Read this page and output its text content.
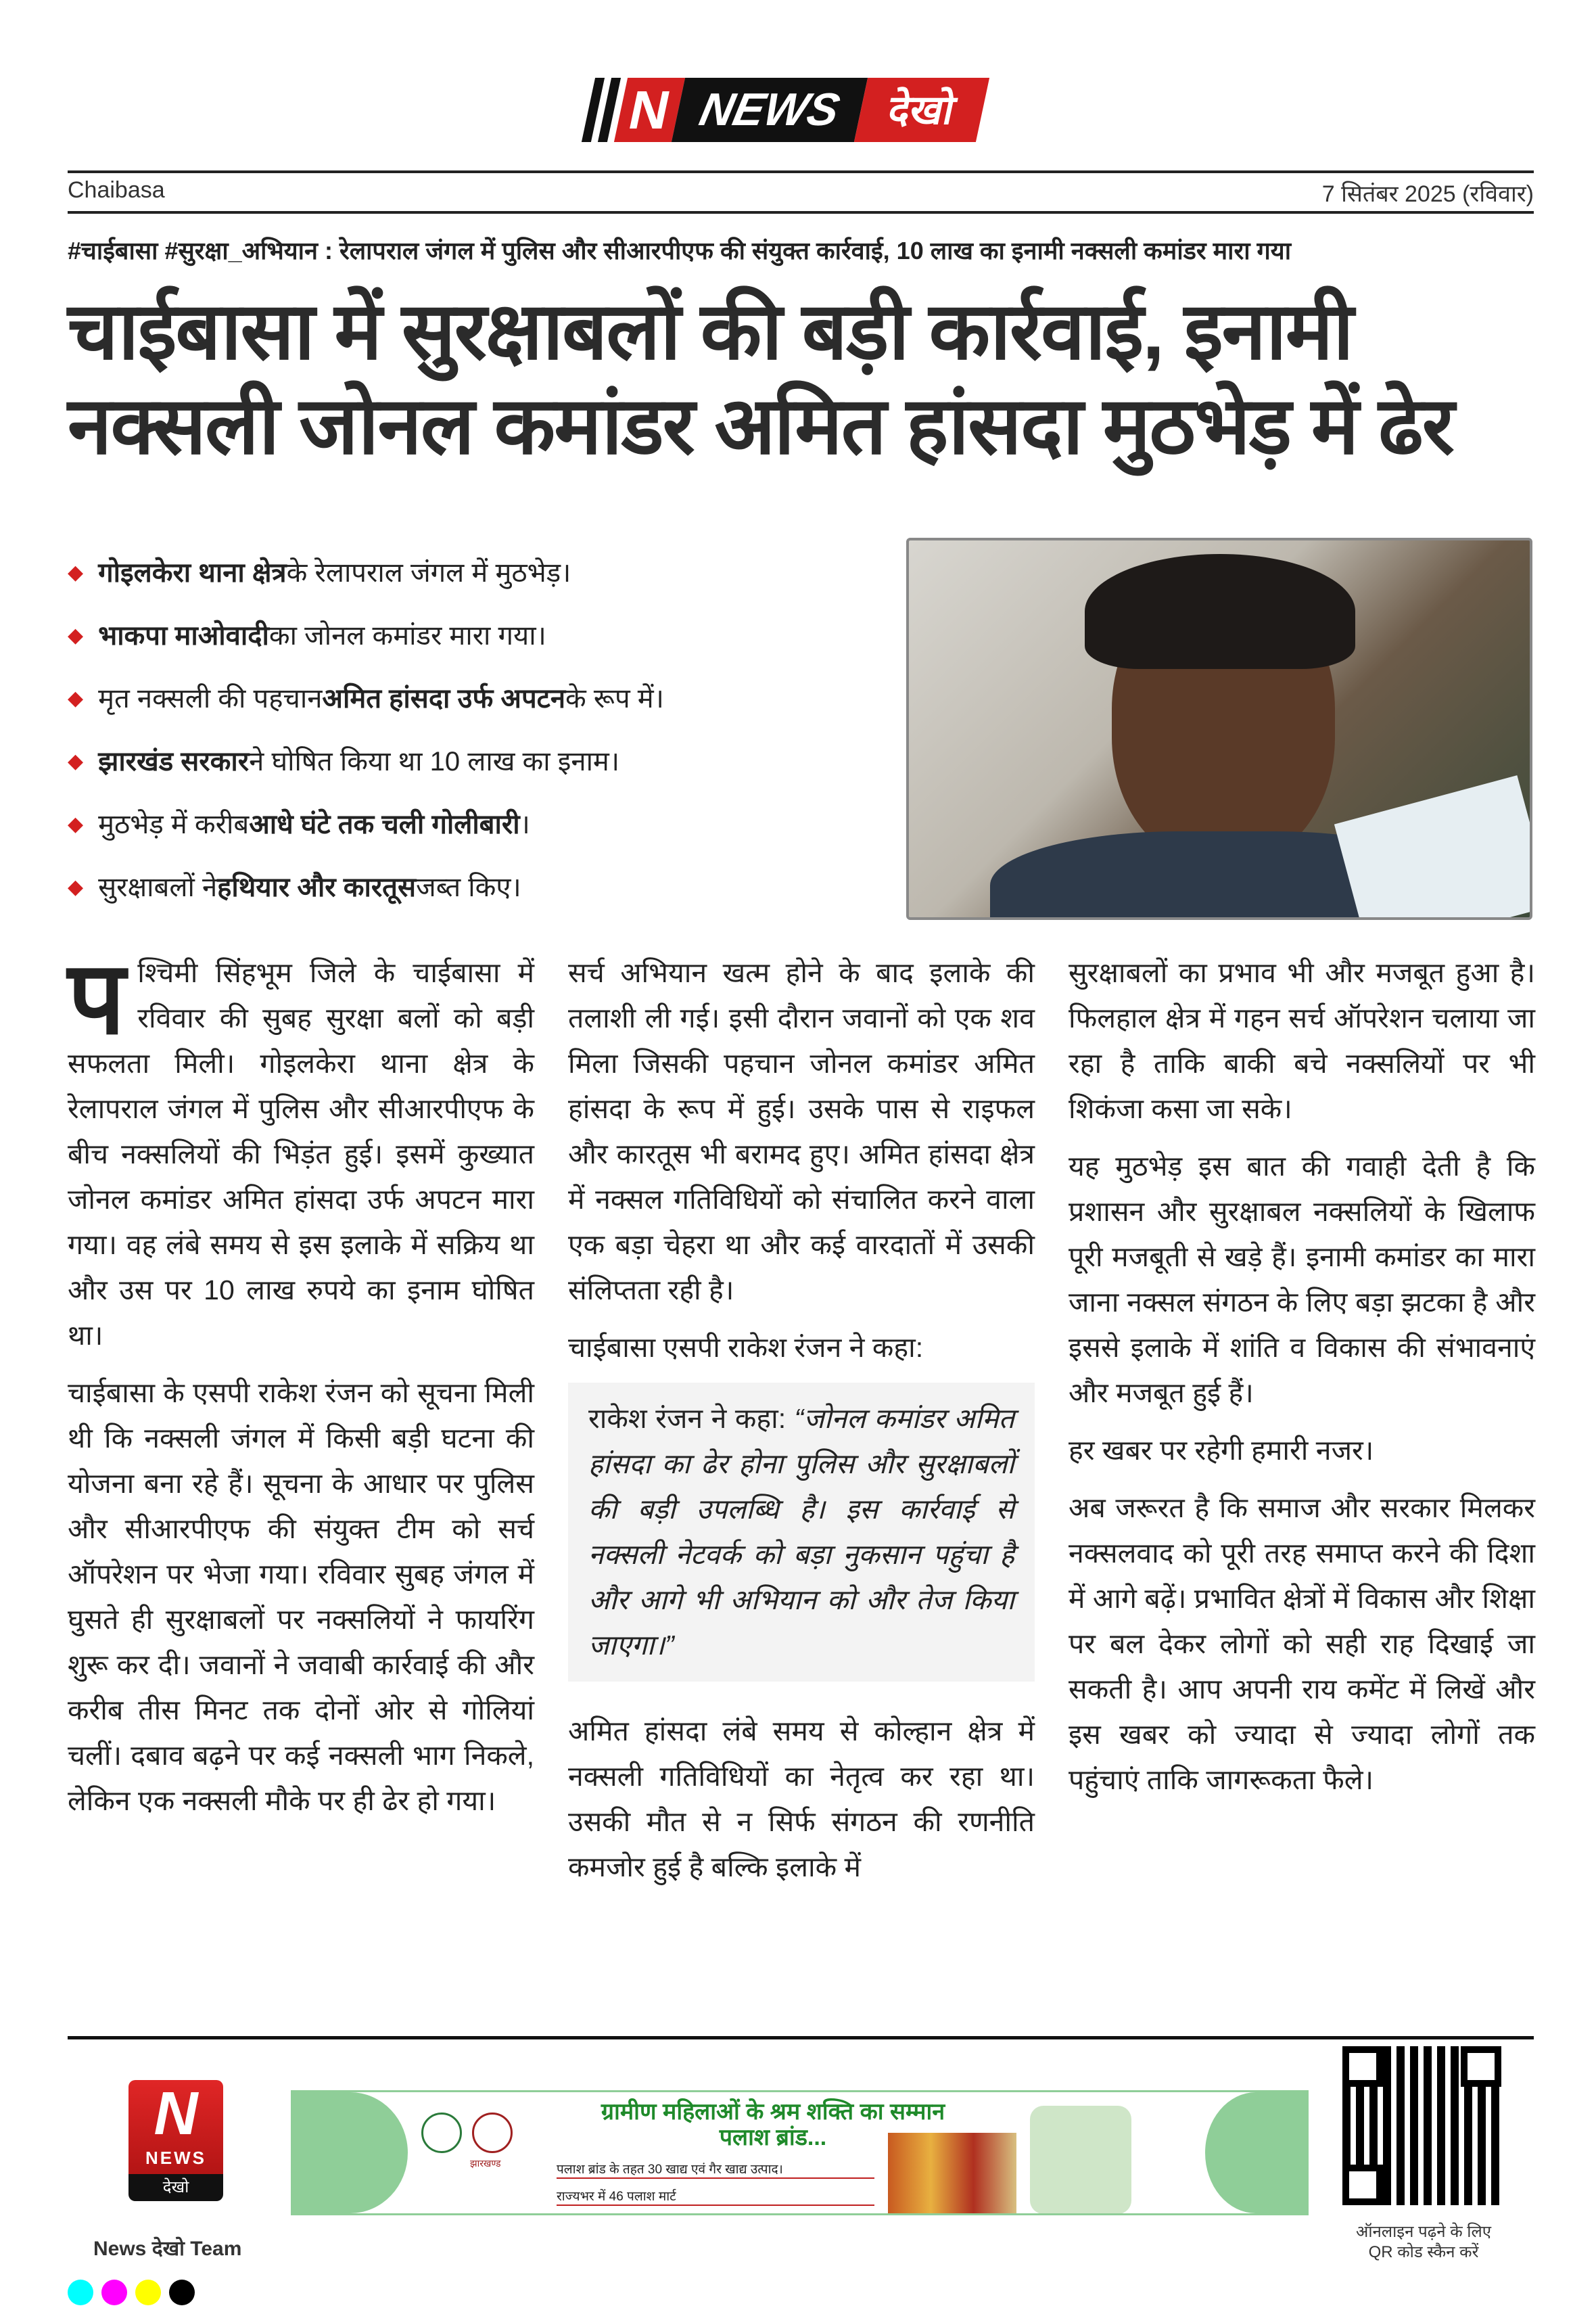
N NEWS देखो
Chaibasa	7 सितंबर 2025 (रविवार)
#चाईबासा #सुरक्षा_अभियान : रेलापराल जंगल में पुलिस और सीआरपीएफ की संयुक्त कार्रवाई, 10 लाख का इनामी नक्सली कमांडर मारा गया
चाईबासा में सुरक्षाबलों की बड़ी कार्रवाई, इनामी नक्सली जोनल कमांडर अमित हांसदा मुठभेड़ में ढेर
◆ गोइलकेरा थाना क्षेत्र के रेलापराल जंगल में मुठभेड़।
◆ भाकपा माओवादी का जोनल कमांडर मारा गया।
◆ मृत नक्सली की पहचान अमित हांसदा उर्फ अपटन के रूप में।
◆ झारखंड सरकार ने घोषित किया था 10 लाख का इनाम।
◆ मुठभेड़ में करीब आधे घंटे तक चली गोलीबारी ।
◆ सुरक्षाबलों ने हथियार और कारतूस जब्त किए।

पश्चिमी सिंहभूम जिले के चाईबासा में रविवार की सुबह सुरक्षा बलों को बड़ी सफलता मिली। गोइलकेरा थाना क्षेत्र के रेलापराल जंगल में पुलिस और सीआरपीएफ के बीच नक्सलियों की भिड़ंत हुई। इसमें कुख्यात जोनल कमांडर अमित हांसदा उर्फ अपटन मारा गया। वह लंबे समय से इस इलाके में सक्रिय था और उस पर 10 लाख रुपये का इनाम घोषित था।

चाईबासा के एसपी राकेश रंजन को सूचना मिली थी कि नक्सली जंगल में किसी बड़ी घटना की योजना बना रहे हैं। सूचना के आधार पर पुलिस और सीआरपीएफ की संयुक्त टीम को सर्च ऑपरेशन पर भेजा गया। रविवार सुबह जंगल में घुसते ही सुरक्षाबलों पर नक्सलियों ने फायरिंग शुरू कर दी। जवानों ने जवाबी कार्रवाई की और करीब तीस मिनट तक दोनों ओर से गोलियां चलीं। दबाव बढ़ने पर कई नक्सली भाग निकले, लेकिन एक नक्सली मौके पर ही ढेर हो गया।

सर्च अभियान खत्म होने के बाद इलाके की तलाशी ली गई। इसी दौरान जवानों को एक शव मिला जिसकी पहचान जोनल कमांडर अमित हांसदा के रूप में हुई। उसके पास से राइफल और कारतूस भी बरामद हुए। अमित हांसदा क्षेत्र में नक्सल गतिविधियों को संचालित करने वाला एक बड़ा चेहरा था और कई वारदातों में उसकी संलिप्तता रही है।

चाईबासा एसपी राकेश रंजन ने कहा:

राकेश रंजन ने कहा: “जोनल कमांडर अमित हांसदा का ढेर होना पुलिस और सुरक्षाबलों की बड़ी उपलब्धि है। इस कार्रवाई से नक्सली नेटवर्क को बड़ा नुकसान पहुंचा है और आगे भी अभियान को और तेज किया जाएगा।”

अमित हांसदा लंबे समय से कोल्हान क्षेत्र में नक्सली गतिविधियों का नेतृत्व कर रहा था। उसकी मौत से न सिर्फ संगठन की रणनीति कमजोर हुई है बल्कि इलाके में

सुरक्षाबलों का प्रभाव भी और मजबूत हुआ है। फिलहाल क्षेत्र में गहन सर्च ऑपरेशन चलाया जा रहा है ताकि बाकी बचे नक्सलियों पर भी शिकंजा कसा जा सके।

यह मुठभेड़ इस बात की गवाही देती है कि प्रशासन और सुरक्षाबल नक्सलियों के खिलाफ पूरी मजबूती से खड़े हैं। इनामी कमांडर का मारा जाना नक्सल संगठन के लिए बड़ा झटका है और इससे इलाके में शांति व विकास की संभावनाएं और मजबूत हुई हैं।

हर खबर पर रहेगी हमारी नजर।

अब जरूरत है कि समाज और सरकार मिलकर नक्सलवाद को पूरी तरह समाप्त करने की दिशा में आगे बढ़ें। प्रभावित क्षेत्रों में विकास और शिक्षा पर बल देकर लोगों को सही राह दिखाई जा सकती है। आप अपनी राय कमेंट में लिखें और इस खबर को ज्यादा से ज्यादा लोगों तक पहुंचाएं ताकि जागरूकता फैले।

N
NEWS
देखो
झारखण्ड
ग्रामीण महिलाओं के श्रम शक्ति का सम्मान
पलाश ब्रांड...
पलाश ब्रांड के तहत 30 खाद्य एवं गैर खाद्य उत्पाद।
राज्यभर में 46 पलाश मार्ट
ऑनलाइन पढ़ने के लिए
QR कोड स्कैन करें
News देखो Team
